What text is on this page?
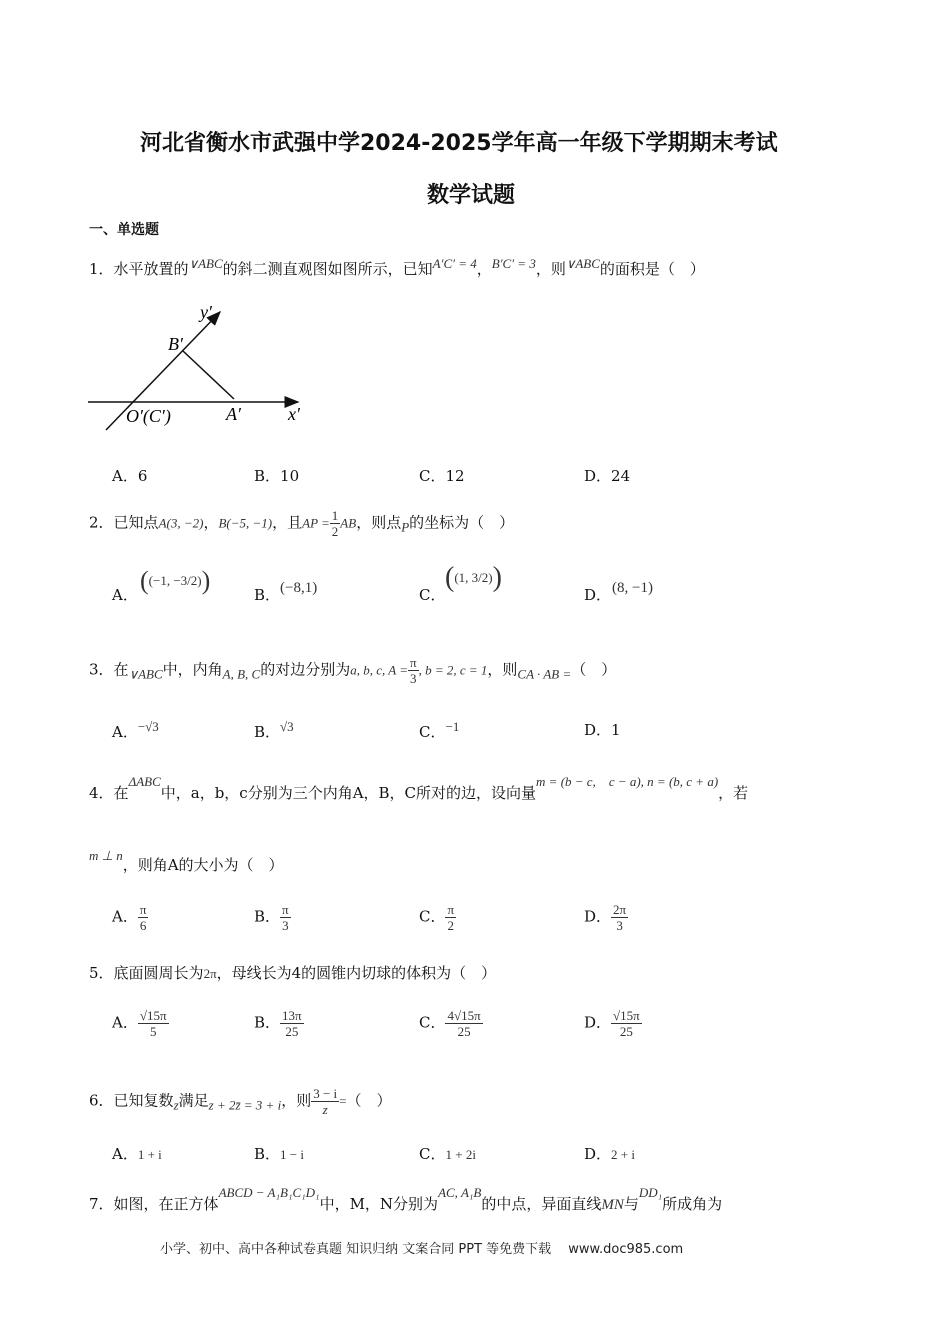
河北省衡水市武强中学2024-2025学年高一年级下学期期末考试
数学试题
一、单选题
1．水平放置的$^{\vee ABC}$的斜二测直观图如图所示，已知$^{A'C' = 4}$，$^{B'C' = 3}$，则$^{\vee ABC}$的面积是（　）
y′
B′
O′(C′)	A′	x′
A．6	B．10	C．12	D．24
2．已知点A(3, −2)，B(−5, −1)，且AP = $\frac{1}{2}$ AB，则点$_P$的坐标为（　）
A． ((−1, −3/2))	B． (−8,1)	C．
((1, 3/2))
D． (8, −1)
3．在$_{\vee ABC}$中，内角$_{A, B, C}$的对边分别为a, b, c, $A = \frac{\pi}{3}$ , b = 2, c = 1，则$_{CA \cdot AB =}$（　）
A．$^{-√3}$	B．$^{√3}$	C．$^{-1}$	D．1
4．在$^{\Delta ABC}$中，a，b，c分别为三个内角A，B，C所对的边，设向量$^{m = (b - c, c - a), n = (b, c + a)}$，若
$^{m \perp n}$，则角A的大小为（　）
A． $\frac{\pi}{6}$	B． $\frac{\pi}{3}$	C． $\frac{\pi}{2}$	D． $\frac{2\pi}{3}$
5．底面圆周长为2π，母线长为4的圆锥内切球的体积为（　）
A． $\frac{√15\pi}{5}$	B． $\frac{13\pi}{25}$	C． $\frac{4√15\pi}{25}$	D． $\frac{√15\pi}{25}$
6．已知复数$_z$满足$_{z + 2z̄ = 3 + i}$，则 $\frac{3 - i}{z}$ =（　）
A．1 + i	B．1 − i	C．1 + 2i	D．2 + i
7．如图，在正方体$^{ABCD - A_1B_1C_1D_1}$中，M，N分别为$^{AC, A_1B}$的中点，异面直线MN与$^{DD_1}$所成角为
小学、初中、高中各种试卷真题 知识归纳 文案合同 PPT 等免费下载　 www.doc985.com
